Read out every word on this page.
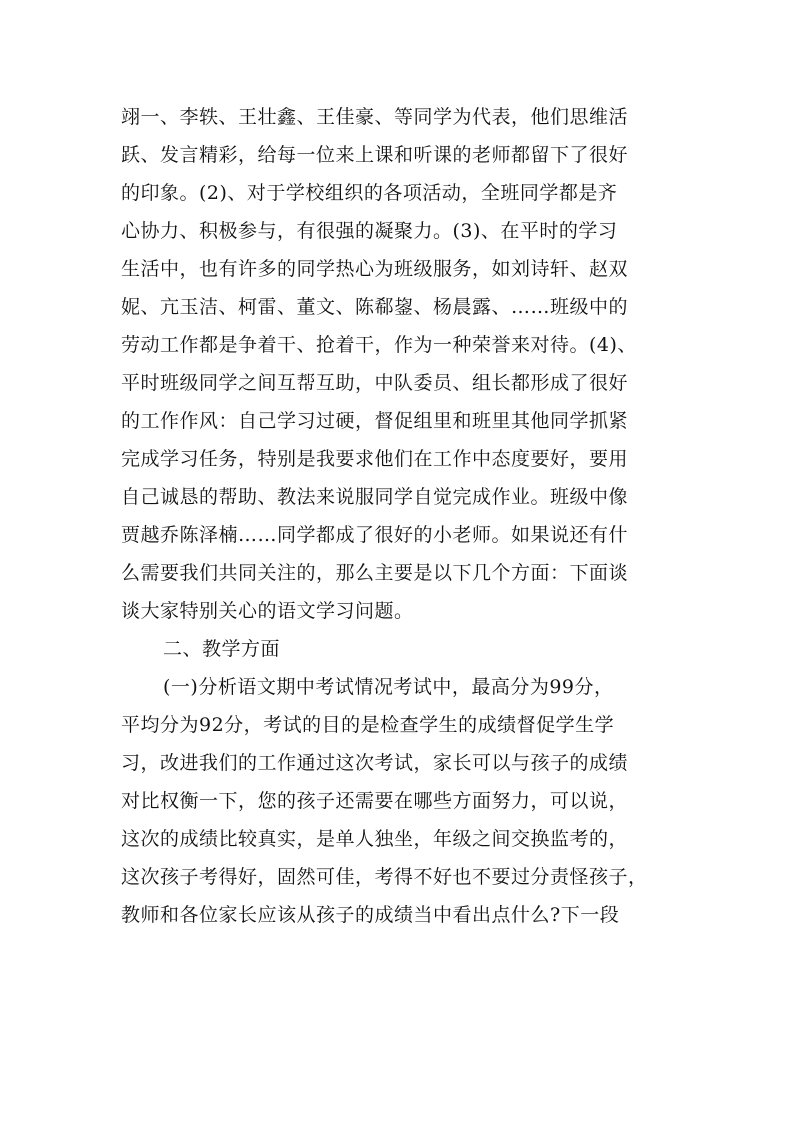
翊一、李轶、王壮鑫、王佳豪、等同学为代表，他们思维活
跃、发言精彩，给每一位来上课和听课的老师都留下了很好
的印象。(2)、对于学校组织的各项活动，全班同学都是齐
心协力、积极参与，有很强的凝聚力。(3)、在平时的学习
生活中，也有许多的同学热心为班级服务，如刘诗轩、赵双
妮、亢玉洁、柯雷、董文、陈郗鋆、杨晨露、……班级中的
劳动工作都是争着干、抢着干，作为一种荣誉来对待。(4)、
平时班级同学之间互帮互助，中队委员、组长都形成了很好
的工作作风：自己学习过硬，督促组里和班里其他同学抓紧
完成学习任务，特别是我要求他们在工作中态度要好，要用
自己诚恳的帮助、教法来说服同学自觉完成作业。班级中像
贾越乔陈泽楠……同学都成了很好的小老师。如果说还有什
么需要我们共同关注的，那么主要是以下几个方面：下面谈
谈大家特别关心的语文学习问题。
二、教学方面
(一)分析语文期中考试情况考试中，最高分为99分，
平均分为92分，考试的目的是检查学生的成绩督促学生学
习，改进我们的工作通过这次考试，家长可以与孩子的成绩
对比权衡一下，您的孩子还需要在哪些方面努力，可以说，
这次的成绩比较真实，是单人独坐，年级之间交换监考的，
这次孩子考得好，固然可佳，考得不好也不要过分责怪孩子，
教师和各位家长应该从孩子的成绩当中看出点什么?下一段
